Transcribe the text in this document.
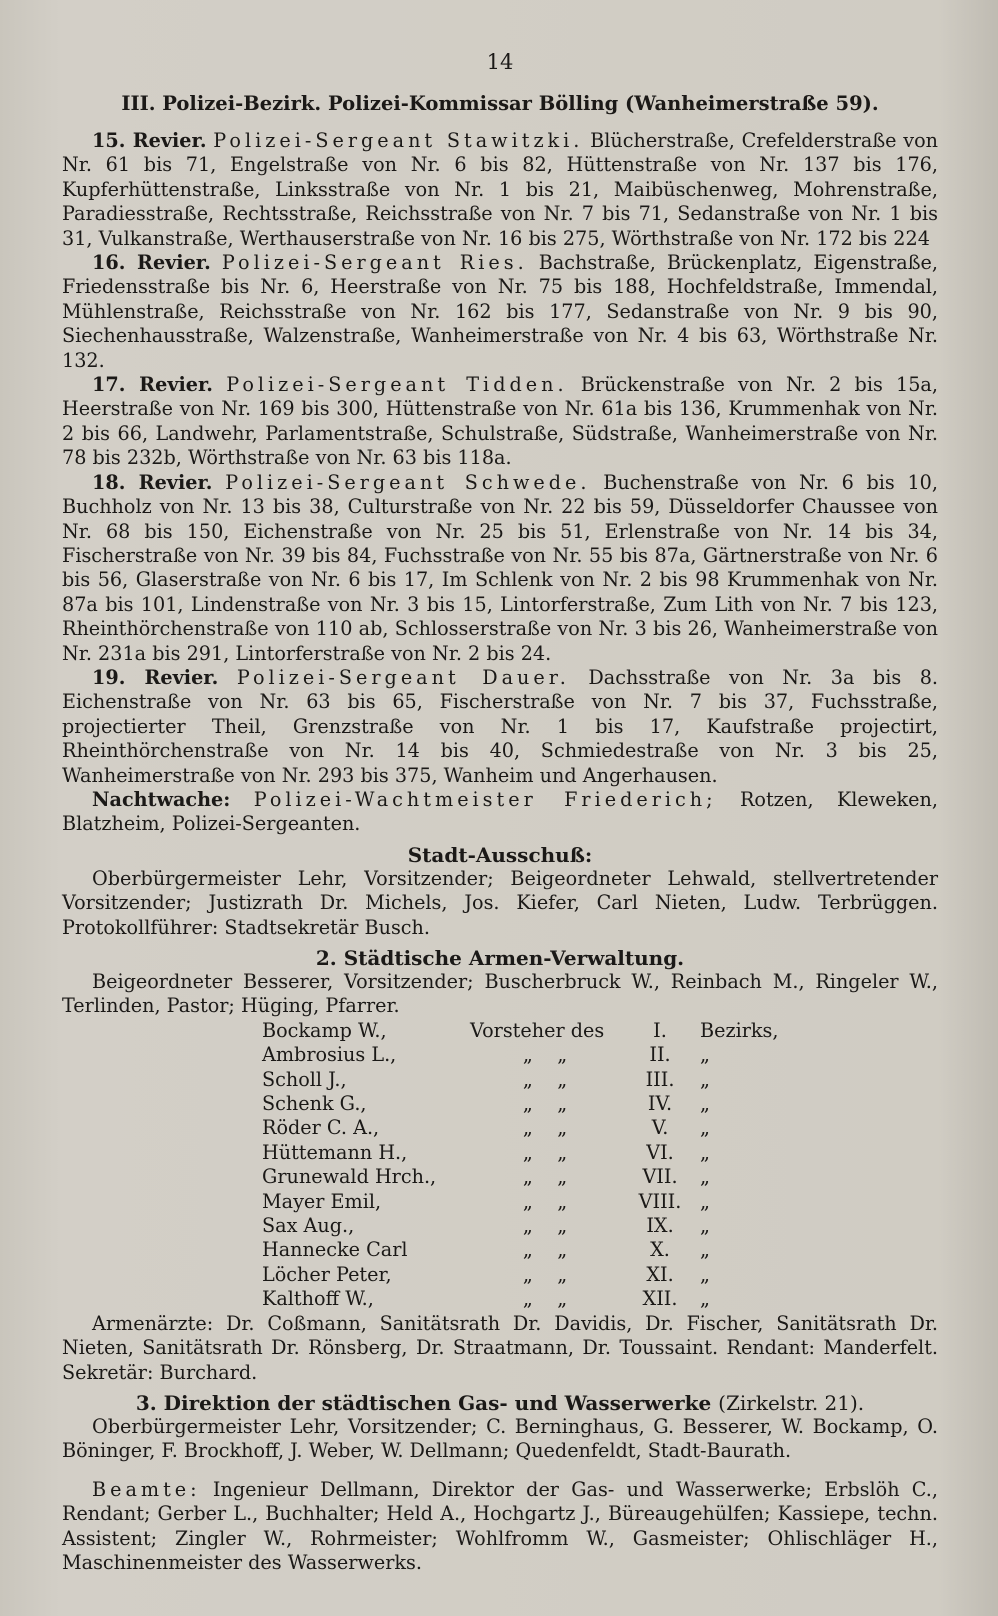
14
III. Polizei-Bezirk. Polizei-Kommissar Bölling (Wanheimerstraße 59).

15. Revier. Polizei-Sergeant Stawitzki. Blücherstraße, Crefelderstraße von Nr. 61 bis 71, Engelstraße von Nr. 6 bis 82, Hüttenstraße von Nr. 137 bis 176, Kupferhüttenstraße, Linksstraße von Nr. 1 bis 21, Maibüschenweg, Mohrenstraße, Paradiesstraße, Rechtsstraße, Reichsstraße von Nr. 7 bis 71, Sedanstraße von Nr. 1 bis 31, Vulkanstraße, Werthauserstraße von Nr. 16 bis 275, Wörthstraße von Nr. 172 bis 224

16. Revier. Polizei-Sergeant Ries. Bachstraße, Brückenplatz, Eigenstraße, Friedensstraße bis Nr. 6, Heerstraße von Nr. 75 bis 188, Hochfeldstraße, Immendal, Mühlenstraße, Reichsstraße von Nr. 162 bis 177, Sedanstraße von Nr. 9 bis 90, Siechenhausstraße, Walzenstraße, Wanheimerstraße von Nr. 4 bis 63, Wörthstraße Nr. 132.

17. Revier. Polizei-Sergeant Tidden. Brückenstraße von Nr. 2 bis 15a, Heerstraße von Nr. 169 bis 300, Hüttenstraße von Nr. 61a bis 136, Krummenhak von Nr. 2 bis 66, Landwehr, Parlamentstraße, Schulstraße, Südstraße, Wanheimerstraße von Nr. 78 bis 232b, Wörthstraße von Nr. 63 bis 118a.

18. Revier. Polizei-Sergeant Schwede. Buchenstraße von Nr. 6 bis 10, Buchholz von Nr. 13 bis 38, Culturstraße von Nr. 22 bis 59, Düsseldorfer Chaussee von Nr. 68 bis 150, Eichenstraße von Nr. 25 bis 51, Erlenstraße von Nr. 14 bis 34, Fischerstraße von Nr. 39 bis 84, Fuchsstraße von Nr. 55 bis 87a, Gärtnerstraße von Nr. 6 bis 56, Glaserstraße von Nr. 6 bis 17, Im Schlenk von Nr. 2 bis 98 Krummenhak von Nr. 87a bis 101, Lindenstraße von Nr. 3 bis 15, Lintorferstraße, Zum Lith von Nr. 7 bis 123, Rheinthörchenstraße von 110 ab, Schlosserstraße von Nr. 3 bis 26, Wanheimerstraße von Nr. 231a bis 291, Lintorferstraße von Nr. 2 bis 24.

19. Revier. Polizei-Sergeant Dauer. Dachsstraße von Nr. 3a bis 8. Eichenstraße von Nr. 63 bis 65, Fischerstraße von Nr. 7 bis 37, Fuchsstraße, projectierter Theil, Grenzstraße von Nr. 1 bis 17, Kaufstraße projectirt, Rheinthörchenstraße von Nr. 14 bis 40, Schmiedestraße von Nr. 3 bis 25, Wanheimerstraße von Nr. 293 bis 375, Wanheim und Angerhausen.

Nachtwache: Polizei-Wachtmeister Friederich; Rotzen, Kleweken, Blatzheim, Polizei-Sergeanten.

Stadt-Ausschuß:

Oberbürgermeister Lehr, Vorsitzender; Beigeordneter Lehwald, stellvertretender Vorsitzender; Justizrath Dr. Michels, Jos. Kiefer, Carl Nieten, Ludw. Terbrüggen. Protokollführer: Stadtsekretär Busch.

2. Städtische Armen-Verwaltung.

Beigeordneter Besserer, Vorsitzender; Buscherbruck W., Reinbach M., Ringeler W., Terlinden, Pastor; Hüging, Pfarrer.

Bockamp W.,	Vorsteher des	I.	Bezirks,
Ambrosius L.,	„ „	II.	„
Scholl J.,	„ „	III.	„
Schenk G.,	„ „	IV.	„
Röder C. A.,	„ „	V.	„
Hüttemann H.,	„ „	VI.	„
Grunewald Hrch.,	„ „	VII.	„
Mayer Emil,	„ „	VIII. „
Sax Aug.,	„ „	IX.	„
Hannecke Carl	„ „	X.	„
Löcher Peter,	„ „	XI.	„
Kalthoff W.,	„ „	XII.	„

Armenärzte: Dr. Coßmann, Sanitätsrath Dr. Davidis, Dr. Fischer, Sanitätsrath Dr. Nieten, Sanitätsrath Dr. Rönsberg, Dr. Straatmann, Dr. Toussaint. Rendant: Manderfelt. Sekretär: Burchard.

3. Direktion der städtischen Gas- und Wasserwerke (Zirkelstr. 21).

Oberbürgermeister Lehr, Vorsitzender; C. Berninghaus, G. Besserer, W. Bockamp, O. Böninger, F. Brockhoff, J. Weber, W. Dellmann; Quedenfeldt, Stadt-Baurath.

Beamte: Ingenieur Dellmann, Direktor der Gas- und Wasserwerke; Erbslöh C., Rendant; Gerber L., Buchhalter; Held A., Hochgartz J., Büreaugehülfen; Kassiepe, techn. Assistent; Zingler W., Rohrmeister; Wohlfromm W., Gasmeister; Ohlischläger H., Maschinenmeister des Wasserwerks.
